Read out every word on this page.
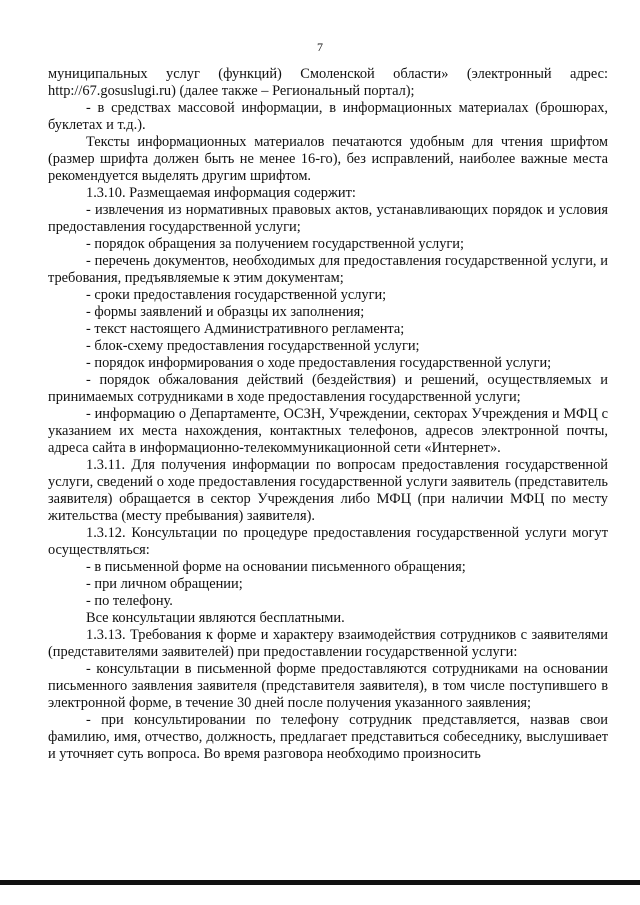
7

муниципальных услуг (функций) Смоленской области» (электронный адрес: http://67.gosuslugi.ru) (далее также – Региональный портал);

- в средствах массовой информации, в информационных материалах (брошюрах, буклетах и т.д.).

Тексты информационных материалов печатаются удобным для чтения шрифтом (размер шрифта должен быть не менее 16-го), без исправлений, наиболее важные места рекомендуется выделять другим шрифтом.

1.3.10. Размещаемая информация содержит:

- извлечения из нормативных правовых актов, устанавливающих порядок и условия предоставления государственной услуги;

- порядок обращения за получением государственной услуги;

- перечень документов, необходимых для предоставления государственной услуги, и требования, предъявляемые к этим документам;

- сроки предоставления государственной услуги;

- формы заявлений и образцы их заполнения;

- текст настоящего Административного регламента;

- блок-схему предоставления государственной услуги;

- порядок информирования о ходе предоставления государственной услуги;

- порядок обжалования действий (бездействия) и решений, осуществляемых и принимаемых сотрудниками в ходе предоставления государственной услуги;

- информацию о Департаменте, ОСЗН, Учреждении, секторах Учреждения и МФЦ с указанием их места нахождения, контактных телефонов, адресов электронной почты, адреса сайта в информационно-телекоммуникационной сети «Интернет».

1.3.11. Для получения информации по вопросам предоставления государственной услуги, сведений о ходе предоставления государственной услуги заявитель (представитель заявителя) обращается в сектор Учреждения либо МФЦ (при наличии МФЦ по месту жительства (месту пребывания) заявителя).

1.3.12. Консультации по процедуре предоставления государственной услуги могут осуществляться:

- в письменной форме на основании письменного обращения;

- при личном обращении;

- по телефону.

Все консультации являются бесплатными.

1.3.13. Требования к форме и характеру взаимодействия сотрудников с заявителями (представителями заявителей) при предоставлении государственной услуги:

- консультации в письменной форме предоставляются сотрудниками на основании письменного заявления заявителя (представителя заявителя), в том числе поступившего в электронной форме, в течение 30 дней после получения указанного заявления;

- при консультировании по телефону сотрудник представляется, назвав свои фамилию, имя, отчество, должность, предлагает представиться собеседнику, выслушивает и уточняет суть вопроса. Во время разговора необходимо произносить
